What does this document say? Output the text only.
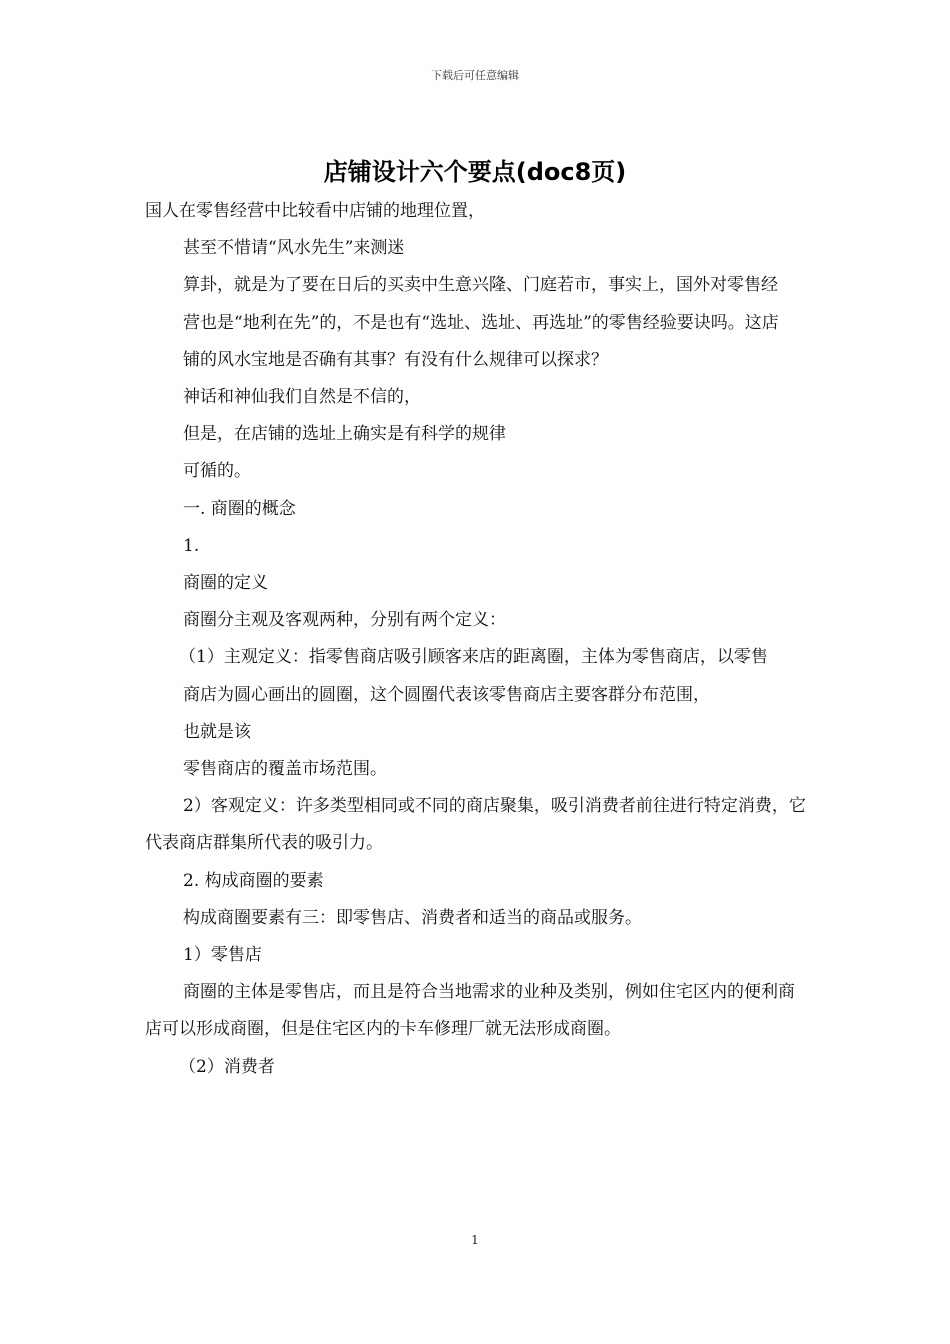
下载后可任意编辑
店铺设计六个要点(doc8页)

国人在零售经营中比较看中店铺的地理位置，

甚至不惜请“风水先生”来测迷

算卦，就是为了要在日后的买卖中生意兴隆、门庭若市，事实上，国外对零售经

营也是“地利在先”的，不是也有“选址、选址、再选址”的零售经验要诀吗。这店

铺的风水宝地是否确有其事？有没有什么规律可以探求？

神话和神仙我们自然是不信的，

但是，在店铺的选址上确实是有科学的规律

可循的。

一. 商圈的概念

1.

商圈的定义

商圈分主观及客观两种，分别有两个定义：

（1）主观定义：指零售商店吸引顾客来店的距离圈，主体为零售商店，以零售

商店为圆心画出的圆圈，这个圆圈代表该零售商店主要客群分布范围，

也就是该

零售商店的覆盖市场范围。

2）客观定义：许多类型相同或不同的商店聚集，吸引消费者前往进行特定消费，它代表商店群集所代表的吸引力。

2. 构成商圈的要素

构成商圈要素有三：即零售店、消费者和适当的商品或服务。

1）零售店

商圈的主体是零售店，而且是符合当地需求的业种及类别，例如住宅区内的便利商店可以形成商圈，但是住宅区内的卡车修理厂就无法形成商圈。

（2）消费者

1
